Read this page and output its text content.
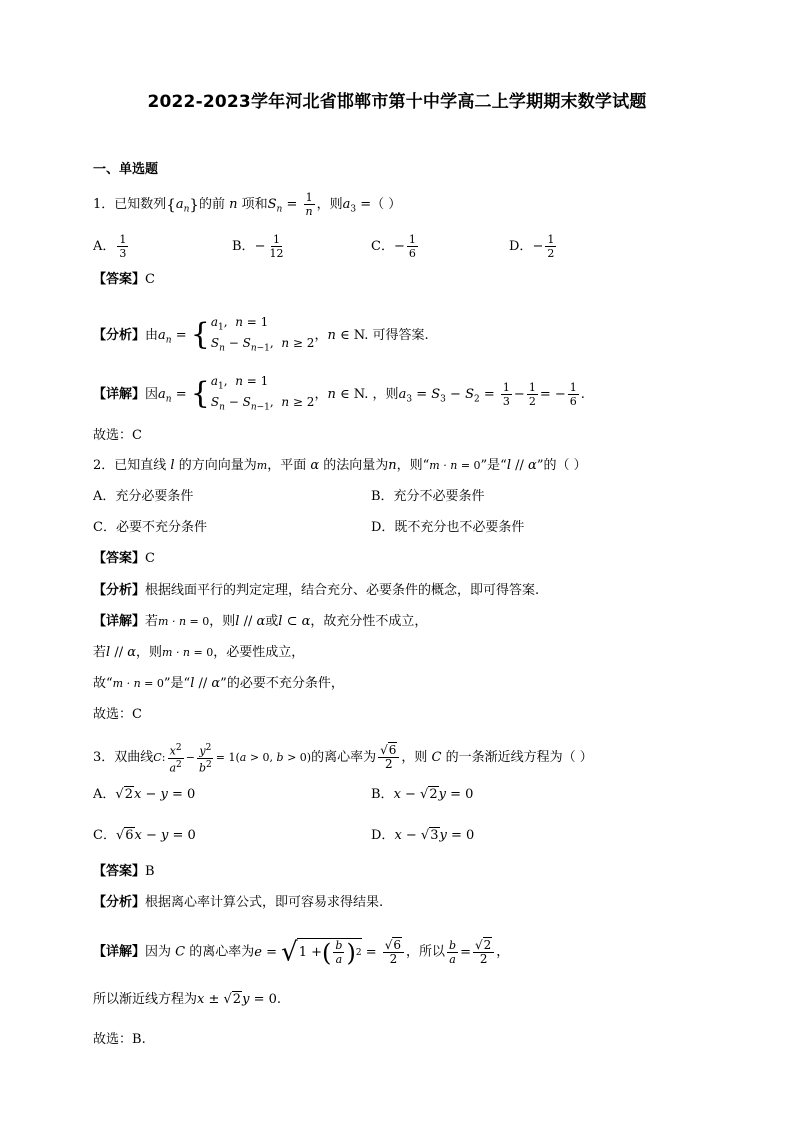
2022-2023学年河北省邯郸市第十中学高二上学期期末数学试题
一、单选题
1．已知数列$\{a_n\}$的前 n 项和$S_n = \frac{1}{n}$ ，则$a_3$ =（ ）
A． $\frac{1}{3}$	B．− $\frac{1}{12}$	C．− $\frac{1}{6}$	D．− $\frac{1}{2}$
【答案】C
【分析】由$a_n$ = { $a_1$,  n = 1
$S_n - S_{n-1}$,  n ≥ 2
，n ∈ N. 可得答案.
【详解】因$a_n$ = { $a_1$,  n = 1
$S_n - S_{n-1}$,  n ≥ 2
，n ∈ N. ，则$a_3 = S_3 - S_2 = \frac{1}{3} - \frac{1}{2}$ = − $\frac{1}{6}$ .
故选：C
2．已知直线 l 的方向向量为m，平面 α 的法向量为n，则“m · n = 0”是“l // α”的（ ）
A．充分必要条件	B．充分不必要条件
C．必要不充分条件	D．既不充分也不必要条件
【答案】C
【分析】根据线面平行的判定定理，结合充分、必要条件的概念，即可得答案.
【详解】若m · n = 0，则l // α或l ⊂ α，故充分性不成立，
若l // α，则m · n = 0，必要性成立，
故“m · n = 0”是“l // α”的必要不充分条件，
故选：C
3．双曲线C: $\frac{x^2}{a^2} - \frac{y^2}{b^2} = 1(a > 0$, b > 0)的离心率为 $\frac{√6}{2}$ ，则 C 的一条渐近线方程为（ ）
A．√2x − y = 0	B．x − √2y = 0
C．√6x − y = 0	D．x − √3y = 0
【答案】B
【分析】根据离心率计算公式，即可容易求得结果.
【详解】因为 C 的离心率为e = √ 1 + ( $\frac{b}{a}$ ) $2 = \frac{√6}{2}$ ，所以 $\frac{b}{a} = \frac{√2}{2}$ ，
所以渐近线方程为x ± √2y = 0.
故选：B.
